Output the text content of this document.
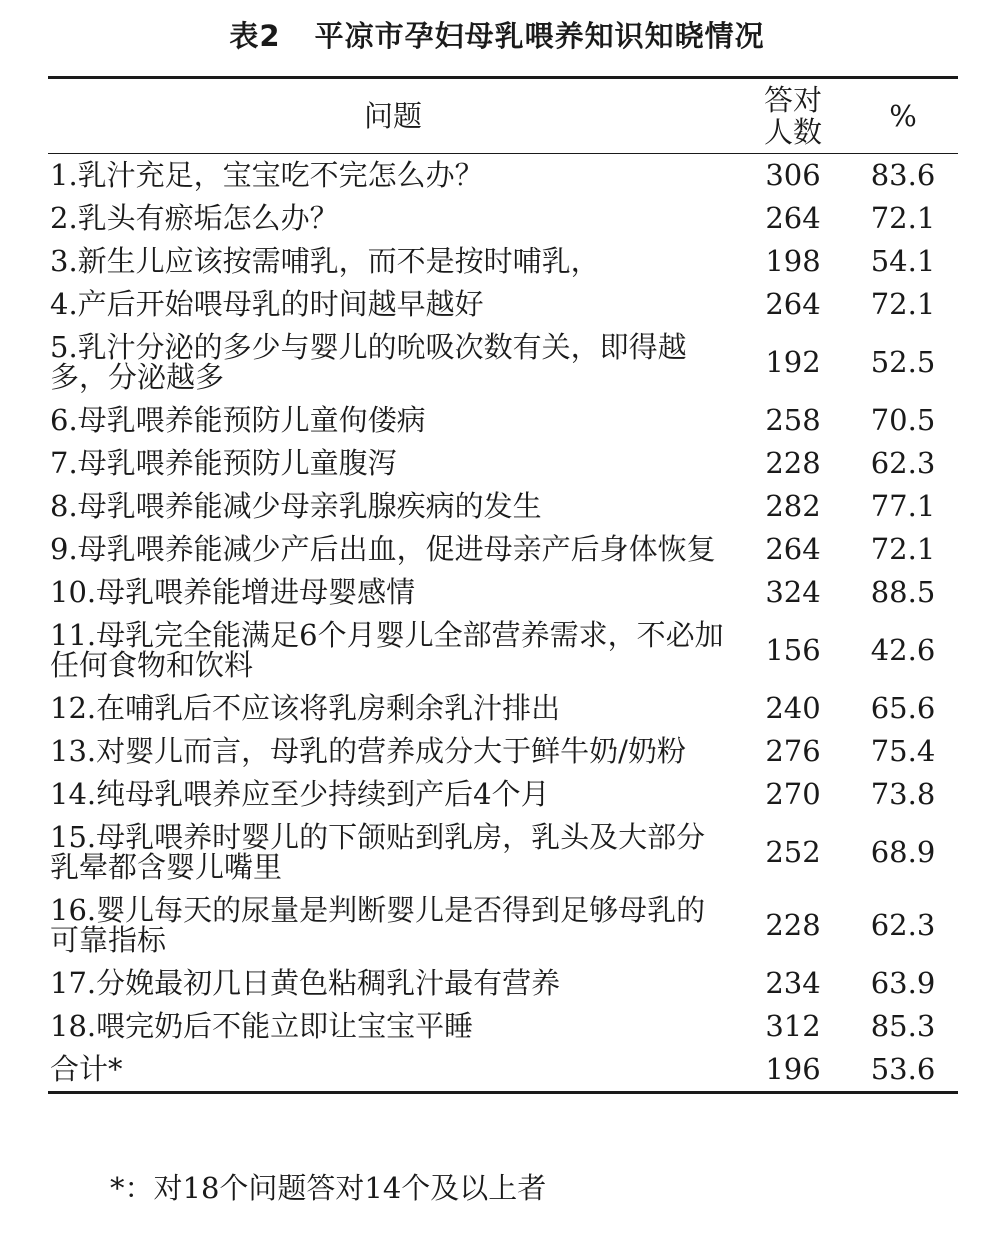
表2 平凉市孕妇母乳喂养知识知晓情况
问题	答对人数	%
1.乳汁充足，宝宝吃不完怎么办？	306	83.6
2.乳头有瘀垢怎么办？	264	72.1
3.新生儿应该按需哺乳，而不是按时哺乳，	198	54.1
4.产后开始喂母乳的时间越早越好	264	72.1
5.乳汁分泌的多少与婴儿的吮吸次数有关，即得越多，分泌越多	192	52.5
6.母乳喂养能预防儿童佝偻病	258	70.5
7.母乳喂养能预防儿童腹泻	228	62.3
8.母乳喂养能减少母亲乳腺疾病的发生	282	77.1
9.母乳喂养能减少产后出血，促进母亲产后身体恢复	264	72.1
10.母乳喂养能增进母婴感情	324	88.5
11.母乳完全能满足6个月婴儿全部营养需求，不必加任何食物和饮料	156	42.6
12.在哺乳后不应该将乳房剩余乳汁排出	240	65.6
13.对婴儿而言，母乳的营养成分大于鲜牛奶/奶粉	276	75.4
14.纯母乳喂养应至少持续到产后4个月	270	73.8
15.母乳喂养时婴儿的下颌贴到乳房，乳头及大部分乳晕都含婴儿嘴里	252	68.9
16.婴儿每天的尿量是判断婴儿是否得到足够母乳的可靠指标	228	62.3
17.分娩最初几日黄色粘稠乳汁最有营养	234	63.9
18.喂完奶后不能立即让宝宝平睡	312	85.3
合计*	196	53.6
*：对18个问题答对14个及以上者
